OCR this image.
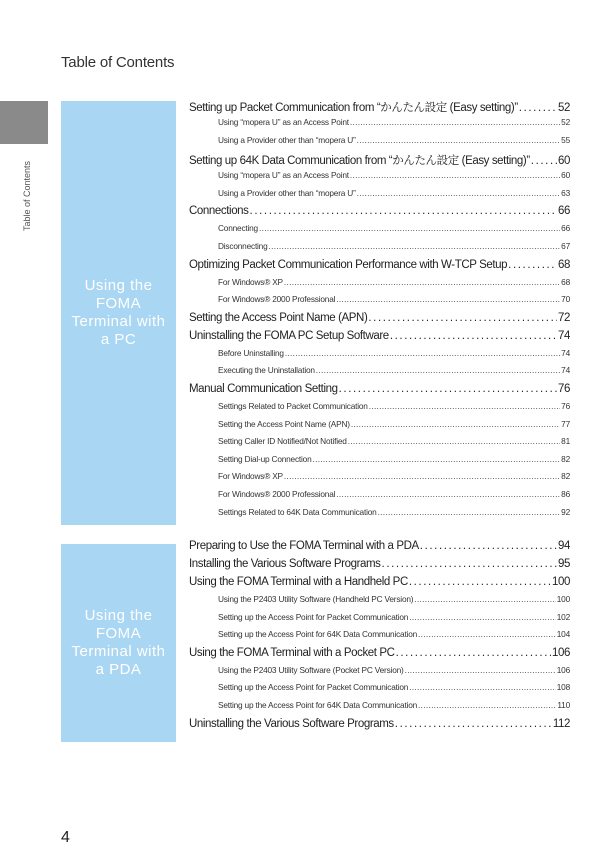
Table of Contents
Table of Contents
Using the FOMA Terminal with a PC
Setting up Packet Communication from “かんたん設定 (Easy setting)” .....	52
Using “mopera U” as an Access Point .....	52
Using a Provider other than “mopera U” .....	55
Setting up 64K Data Communication from “かんたん設定 (Easy setting)” ..... 60
Using “mopera U” as an Access Point .....	60
Using a Provider other than “mopera U” .....	63
Connections .....	66
Connecting .....	66
Disconnecting .....	67
Optimizing Packet Communication Performance with W-TCP Setup .....	68
For Windows® XP .....	68
For Windows® 2000 Professional .....	70
Setting the Access Point Name (APN) .....	72
Uninstalling the FOMA PC Setup Software .....	74
Before Uninstalling .....	74
Executing the Uninstallation .....	74
Manual Communication Setting .....	76
Settings Related to Packet Communication .....	76
Setting the Access Point Name (APN) .....	77
Setting Caller ID Notified/Not Notified .....	81
Setting Dial-up Connection .....	82
For Windows® XP .....	82
For Windows® 2000 Professional .....	86
Settings Related to 64K Data Communication .....	92
Using the FOMA Terminal with a PDA
Preparing to Use the FOMA Terminal with a PDA .....	94
Installing the Various Software Programs .....	95
Using the FOMA Terminal with a Handheld PC .....	100
Using the P2403 Utility Software (Handheld PC Version) .....	100
Setting up the Access Point for Packet Communication .....	102
Setting up the Access Point for 64K Data Communication .....	104
Using the FOMA Terminal with a Pocket PC .....	106
Using the P2403 Utility Software (Pocket PC Version) .....	106
Setting up the Access Point for Packet Communication .....	108
Setting up the Access Point for 64K Data Communication .....	110
Uninstalling the Various Software Programs .....	112
4
